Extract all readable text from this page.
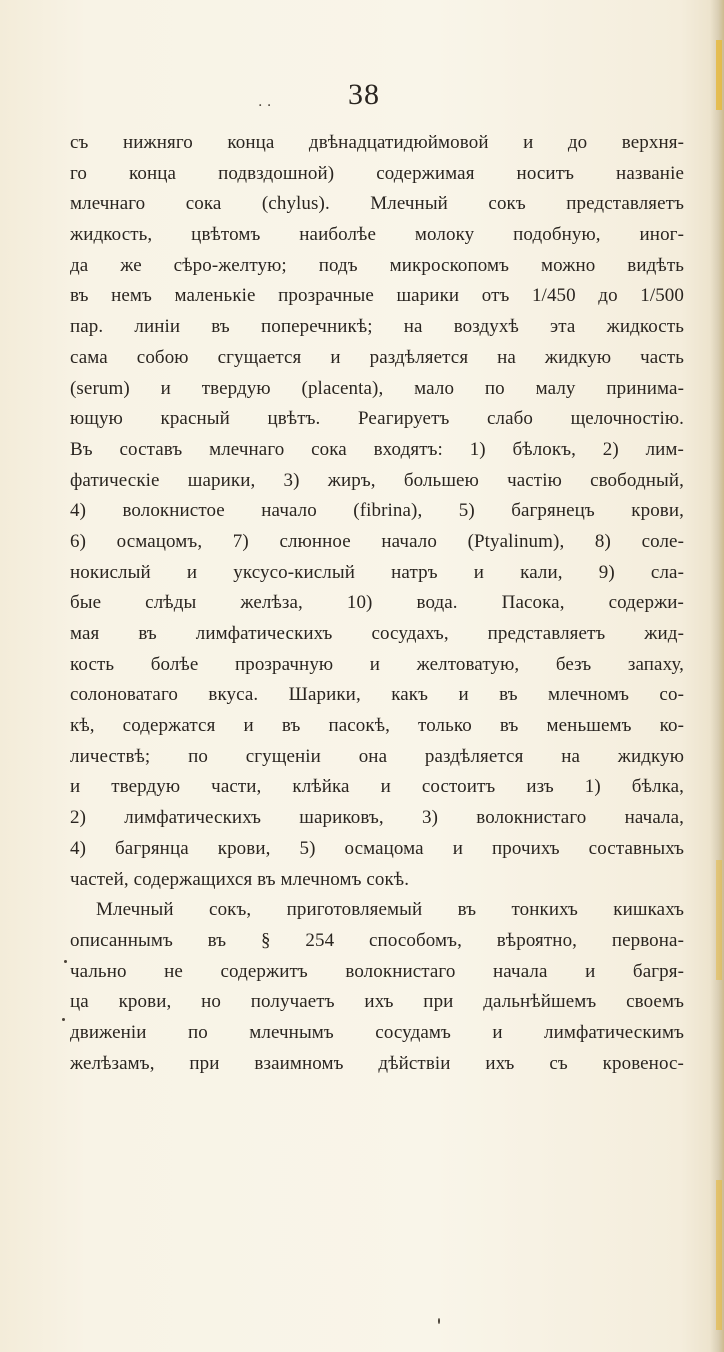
. .	38
съ нижняго конца двѣнадцатидюймовой и до верхня-
го конца подвздошной) содержимая носитъ названіе
млечнаго сока (chylus). Млечный сокъ представляетъ
жидкость, цвѣтомъ наиболѣе молоку подобную, иног-
да же сѣро-желтую; подъ микроскопомъ можно видѣть
въ немъ маленькіе прозрачные шарики отъ 1/450 до 1/500
пар. линіи въ поперечникѣ; на воздухѣ эта жидкость
сама собою сгущается и раздѣляется на жидкую часть
(serum) и твердую (placenta), мало по малу принима-
ющую красный цвѣтъ. Реагируетъ слабо щелочностію.
Въ составъ млечнаго сока входятъ: 1) бѣлокъ, 2) лим-
фатическіе шарики, 3) жиръ, большею частію свободный,
4) волокнистое начало (fibrina), 5) багрянецъ крови,
6) осмацомъ, 7) слюнное начало (Ptyalinum), 8) соле-
нокислый и уксусо-кислый натръ и кали, 9) сла-
быe слѣды желѣза, 10) вода. Пасока, содержи-
мая въ лимфатическихъ сосудахъ, представляетъ жид-
кость болѣе прозрачную и желтоватую, безъ запаху,
солоноватаго вкуса. Шарики, какъ и въ млечномъ со-
кѣ, содержатся и въ пасокѣ, только въ меньшемъ ко-
личествѣ; по сгущеніи она раздѣляется на жидкую
и твердую части, клѣйка и состоитъ изъ 1) бѣлка,
2) лимфатическихъ шариковъ, 3) волокнистаго начала,
4) багрянца крови, 5) осмацома и прочихъ составныхъ
частей, содержащихся въ млечномъ сокѣ.
Млечный сокъ, приготовляемый въ тонкихъ кишкахъ
описаннымъ въ § 254 способомъ, вѣроятно, первона-
чально не содержитъ волокнистаго начала и багря-
ца крови, но получаетъ ихъ при дальнѣйшемъ своемъ
движеніи по млечнымъ сосудамъ и лимфатическимъ
желѣзамъ, при взаимномъ дѣйствіи ихъ съ кровенос-
